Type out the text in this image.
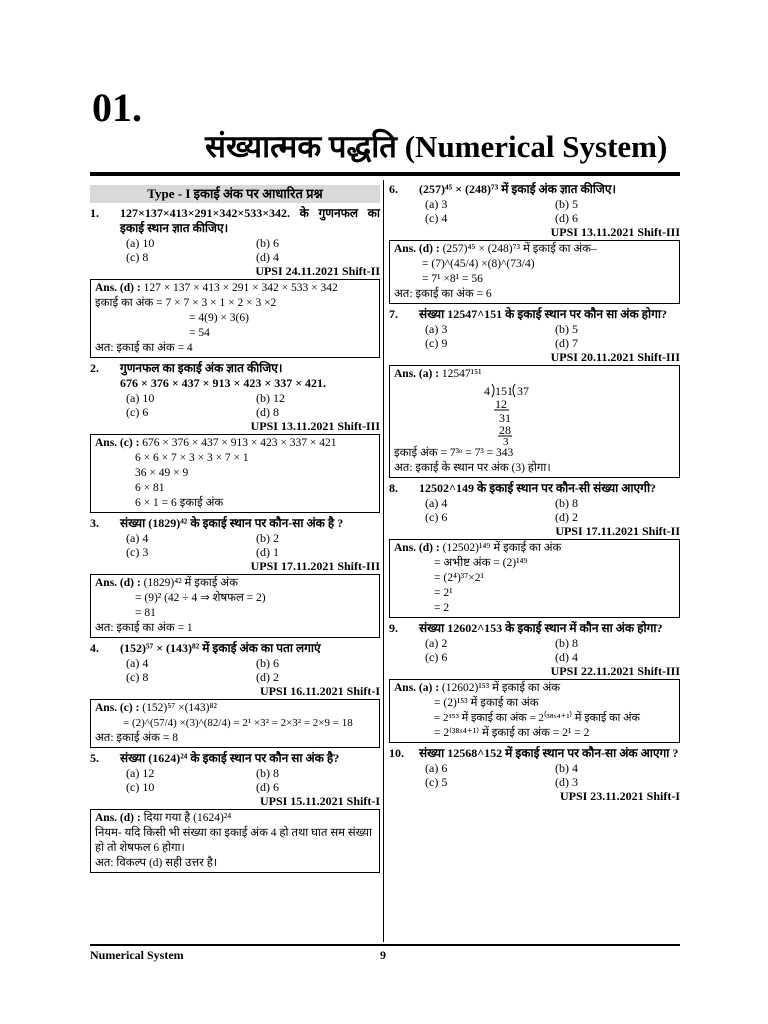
01.
संख्यात्मक पद्धति (Numerical System)
Type - I इकाई अंक पर आधारित प्रश्न
1.	127×137×413×291×342×533×342. के गुणनफल का इकाई स्थान ज्ञात कीजिए।
(a) 10	(b) 6
(c) 8	(d) 4
UPSI 24.11.2021 Shift-II
Ans. (d) : 127 × 137 × 413 × 291 × 342 × 533 × 342
इकाई का अंक = 7 × 7 × 3 × 1 × 2 × 3 ×2
= 4(9) × 3(6)
= 54
अत: इकाई का अंक = 4
2.	गुणनफल का इकाई अंक ज्ञात कीजिए।
676 × 376 × 437 × 913 × 423 × 337 × 421.
(a) 10	(b) 12
(c) 6	(d) 8
UPSI 13.11.2021 Shift-III
Ans. (c) : 676 × 376 × 437 × 913 × 423 × 337 × 421
6 × 6 × 7 × 3 × 3 × 7 × 1
36 × 49 × 9
6 × 81
6 × 1 = 6 इकाई अंक
3.	संख्या (1829)⁴² के इकाई स्थान पर कौन-सा अंक है ?
(a) 4	(b) 2
(c) 3	(d) 1
UPSI 17.11.2021 Shift-III
Ans. (d) : (1829)⁴² में इकाई अंक
= (9)² (42 ÷ 4 ⇒ शेषफल = 2)
= 81
अत: इकाई का अंक = 1
4.	(152)⁵⁷ × (143)⁸² में इकाई अंक का पता लगाएं
(a) 4	(b) 6
(c) 8	(d) 2
UPSI 16.11.2021 Shift-I
Ans. (c) : (152)⁵⁷ ×(143)⁸²
= (2)^(57/4) ×(3)^(82/4) = 2¹ ×3² = 2×3² = 2×9 = 18
अत: इकाई अंक = 8
5.	संख्या (1624)²⁴ के इकाई स्थान पर कौन सा अंक है?
(a) 12	(b) 8
(c) 10	(d) 6
UPSI 15.11.2021 Shift-I
Ans. (d) : दिया गया है (1624)²⁴
नियम- यदि किसी भी संख्या का इकाई अंक 4 हो तथा घात सम संख्या हो तो शेषफल 6 होगा।
अत: विकल्प (d) सही उत्तर है।
6.	(257)⁴⁵ × (248)⁷³ में इकाई अंक ज्ञात कीजिए।
(a) 3	(b) 5
(c) 4	(d) 6
UPSI 13.11.2021 Shift-III
Ans. (d) : (257)⁴⁵ × (248)⁷³ में इकाई का अंक–
= (7)^(45/4) ×(8)^(73/4)
= 7¹ ×8¹ = 56
अत: इकाई का अंक = 6
7.	संख्या 12547^151 के इकाई स्थान पर कौन सा अंक होगा?
(a) 3	(b) 5
(c) 9	(d) 7
UPSI 20.11.2021 Shift-III
Ans. (a) : 12547¹⁵¹
4 151 37
12
31
28
3
इकाई अंक = 7³ᵒ = 7³ = 343
अत: इकाई के स्थान पर अंक (3) होगा।
8.	12502^149 के इकाई स्थान पर कौन-सी संख्या आएगी?
(a) 4	(b) 8
(c) 6	(d) 2
UPSI 17.11.2021 Shift-II
Ans. (d) : (12502)¹⁴⁹ में इकाई का अंक
= अभीष्ट अंक = (2)¹⁴⁹
= (2⁴)³⁷×2¹
= 2¹
= 2
9.	संख्या 12602^153 के इकाई स्थान में कौन सा अंक होगा?
(a) 2	(b) 8
(c) 6	(d) 4
UPSI 22.11.2021 Shift-III
Ans. (a) : (12602)¹⁵³ में इकाई का अंक
= (2)¹⁵³ में इकाई का अंक
= 2¹⁵³ में इकाई का अंक = 2⁽³⁸ˣ⁴⁺¹⁾ में इकाई का अंक
= 2⁽³⁸ˣ⁴⁺¹⁾ में इकाई का अंक = 2¹ = 2
10.	संख्या 12568^152 में इकाई स्थान पर कौन-सा अंक आएगा ?
(a) 6	(b) 4
(c) 5	(d) 3
UPSI 23.11.2021 Shift-I
Numerical System	9
